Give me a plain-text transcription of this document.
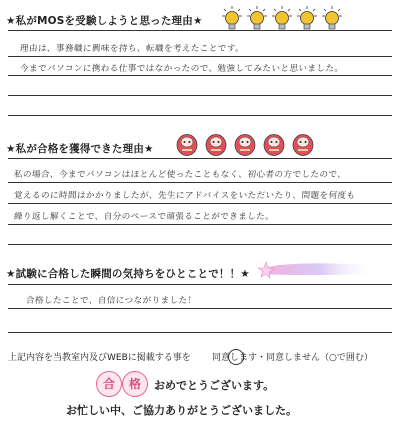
★私がMOSを受験しようと思った理由★
理由は、事務職に興味を持ち、転職を考えたことです。
今までパソコンに携わる仕事ではなかったので、勉強してみたいと思いました。
★私が合格を獲得できた理由★
私の場合、今までパソコンはほとんど使ったこともなく、初心者の方でしたので、
覚えるのに時間はかかりましたが、先生にアドバイスをいただいたり、問題を何度も
繰り返し解くことで、自分のペースで頑張ることができました。
★試験に合格した瞬間の気持ちをひとことで！！★
合格したことで、自信につながりました！
上記内容を当教室内及びWEBに掲載する事を 同意します ・同意しません（○で囲む）
合	格	おめでとうございます。
お忙しい中、ご協力ありがとうございました。
